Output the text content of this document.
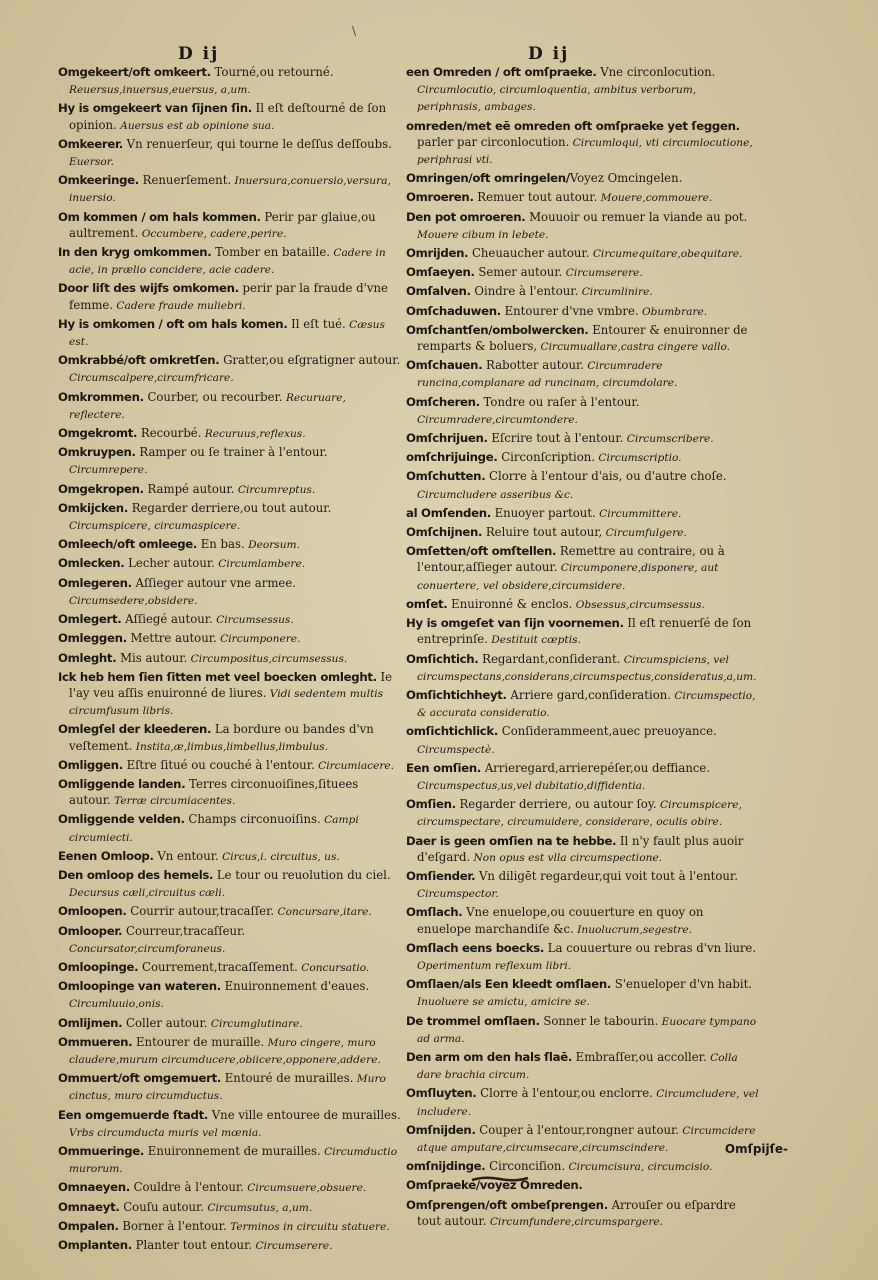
\
D ij	D ij
Omgekeert/oft omkeert. Tourné,ou retourné. Reuersus,inuersus,euersus, a,um.
Hy is omgekeert van ſijnen ſin. Il eſt deſtourné de ſon opinion. Auersus est ab opinione sua.
Omkeerer. Vn renuerſeur, qui tourne le deſſus deſſoubs. Euersor.
Omkeeringe. Renuerſement. Inuersura,conuersio,versura, inuersio.
Om kommen / om hals kommen. Perir par glaiue,ou aultrement. Occumbere, cadere,perire.
In den kryg omkommen. Tomber en bataille. Cadere in acie, in prælio concidere, acie cadere.
Door liſt des wijfs omkomen. perir par la fraude d'vne femme. Cadere fraude muliebri.
Hy is omkomen / oft om hals komen. Il eſt tué. Cæsus est.
Omkrabbé/oft omkretſen. Gratter,ou eſgratigner autour. Circumscalpere,circumfricare.
Omkrommen. Courber, ou recourber. Recuruare, reflectere.
Omgekromt. Recourbé. Recuruus,reflexus.
Omkruypen. Ramper ou ſe trainer à l'entour. Circumrepere.
Omgekropen. Rampé autour. Circumreptus.
Omkijcken. Regarder derriere,ou tout autour. Circumspicere, circumaspicere.
Omleech/oft omleege. En bas. Deorsum.
Omlecken. Lecher autour. Circumlambere.
Omlegeren. Aſſieger autour vne armee. Circumsedere,obsidere.
Omlegert. Aſſiegé autour. Circumsessus.
Omleggen. Mettre autour. Circumponere.
Omleght. Mis autour. Circumpositus,circumsessus.
Ick heb hem ſien ſitten met veel boecken omleght. Ie l'ay veu aſſis enuironné de liures. Vidi sedentem multis circumfusum libris.
Omlegſel der kleederen. La bordure ou bandes d'vn veſtement. Instita,æ,limbus,limbellus,limbulus.
Omliggen. Eſtre ſitué ou couché à l'entour. Circumiacere.
Omliggende landen. Terres circonuoiſines,ſituees autour. Terræ circumiacentes.
Omliggende velden. Champs circonuoiſins. Campi circumiecti.
Eenen Omloop. Vn entour. Circus,i. circuitus, us.
Den omloop des hemels. Le tour ou reuolution du ciel. Decursus cæli,circuitus cæli.
Omloopen. Courrir autour,tracaſſer. Concursare,itare.
Omlooper. Courreur,tracaſſeur. Concursator,circumforaneus.
Omloopinge. Courrement,tracaſſement. Concursatio.
Omloopinge van wateren. Enuironnement d'eaues. Circumluuio,onis.
Omlijmen. Coller autour. Circumglutinare.
Ommueren. Entourer de muraille. Muro cingere, muro claudere,murum circumducere,obiicere,opponere,addere.
Ommuert/oft omgemuert. Entouré de murailles. Muro cinctus, muro circumductus.
Een omgemuerde ſtadt. Vne ville entouree de murailles. Vrbs circumducta muris vel mœnia.
Ommueringe. Enuironnement de murailles. Circumductio murorum.
Omnaeyen. Couldre à l'entour. Circumsuere,obsuere.
Omnaeyt. Couſu autour. Circumsutus, a,um.
Ompalen. Borner à l'entour. Terminos in circuitu statuere.
Omplanten. Planter tout entour. Circumserere.
een Omreden / oft omſpraeke. Vne circonlocution. Circumlocutio, circumloquentia, ambitus verborum, periphrasis, ambages.
omreden/met eē omreden oft omſpraeke yet ſeggen. parler par circonlocution. Circumloqui, vti circumlocutione, periphrasi vti.
Omringen/oft omringelen/Voyez Omcingelen.
Omroeren. Remuer tout autour. Mouere,commouere.
Den pot omroeren. Mouuoir ou remuer la viande au pot. Mouere cibum in lebete.
Omrijden. Cheuaucher autour. Circumequitare,obequitare.
Omſaeyen. Semer autour. Circumserere.
Omſalven. Oindre à l'entour. Circumlinire.
Omſchaduwen. Entourer d'vne vmbre. Obumbrare.
Omſchantſen/ombolwercken. Entourer & enuironner de remparts & boluers, Circumuallare,castra cingere vallo.
Omſchauen. Rabotter autour. Circumradere runcina,complanare ad runcinam, circumdolare.
Omſcheren. Tondre ou raſer à l'entour. Circumradere,circumtondere.
Omſchrijuen. Eſcrire tout à l'entour. Circumscribere.
omſchrijuinge. Circonſcription. Circumscriptio.
Omſchutten. Clorre à l'entour d'ais, ou d'autre choſe. Circumcludere asseribus &c.
al Omſenden. Enuoyer partout. Circummittere.
Omſchijnen. Reluire tout autour, Circumfulgere.
Omſetten/oft omſtellen. Remettre au contraire, ou à l'entour,aſſieger autour. Circumponere,disponere, aut conuertere, vel obsidere,circumsidere.
omſet. Enuironné & enclos. Obsessus,circumsessus.
Hy is omgeſet van ſijn voornemen. Il eſt renuerſé de ſon entreprinſe. Destituit cœptis.
Omſichtich. Regardant,conſiderant. Circumspiciens, vel circumspectans,considerans,circumspectus,consideratus,a,um.
Omſichtichheyt. Arriere gard,conſideration. Circumspectio, & accurata consideratio.
omſichtichlick. Conſiderammeent,auec preuoyance. Circumspectè.
Een omſien. Arrieregard,arrierepéſer,ou deffiance. Circumspectus,us,vel dubitatio,diffidentia.
Omſien. Regarder derriere, ou autour ſoy. Circumspicere, circumspectare, circumuidere, considerare, oculis obire.
Daer is geen omſien na te hebbe. Il n'y fault plus auoir d'eſgard. Non opus est vlla circumspectione.
Omſiender. Vn diligēt regardeur,qui voit tout à l'entour. Circumspector.
Omſlach. Vne enuelope,ou couuerture en quoy on enuelope marchandiſe &c. Inuolucrum,segestre.
Omſlach eens boecks. La couuerture ou rebras d'vn liure. Operimentum reflexum libri.
Omſlaen/als Een kleedt omſlaen. S'enueloper d'vn habit. Inuoluere se amictu, amicire se.
De trommel omſlaen. Sonner le tabourin. Euocare tympano ad arma.
Den arm om den hals ſlaē. Embraſſer,ou accoller. Colla dare brachia circum.
Omſluyten. Clorre à l'entour,ou enclorre. Circumcludere, vel includere.
Omſnijden. Couper à l'entour,rongner autour. Circumcidere atque amputare,circumsecare,circumscindere.
omſnijdinge. Circonciſion. Circumcisura, circumcisio.
Omſpraeke/voyez Omreden.
Omſprengen/oft ombeſprengen. Arrouſer ou eſpardre tout autour. Circumfundere,circumspargere.
Omſpijſe-
